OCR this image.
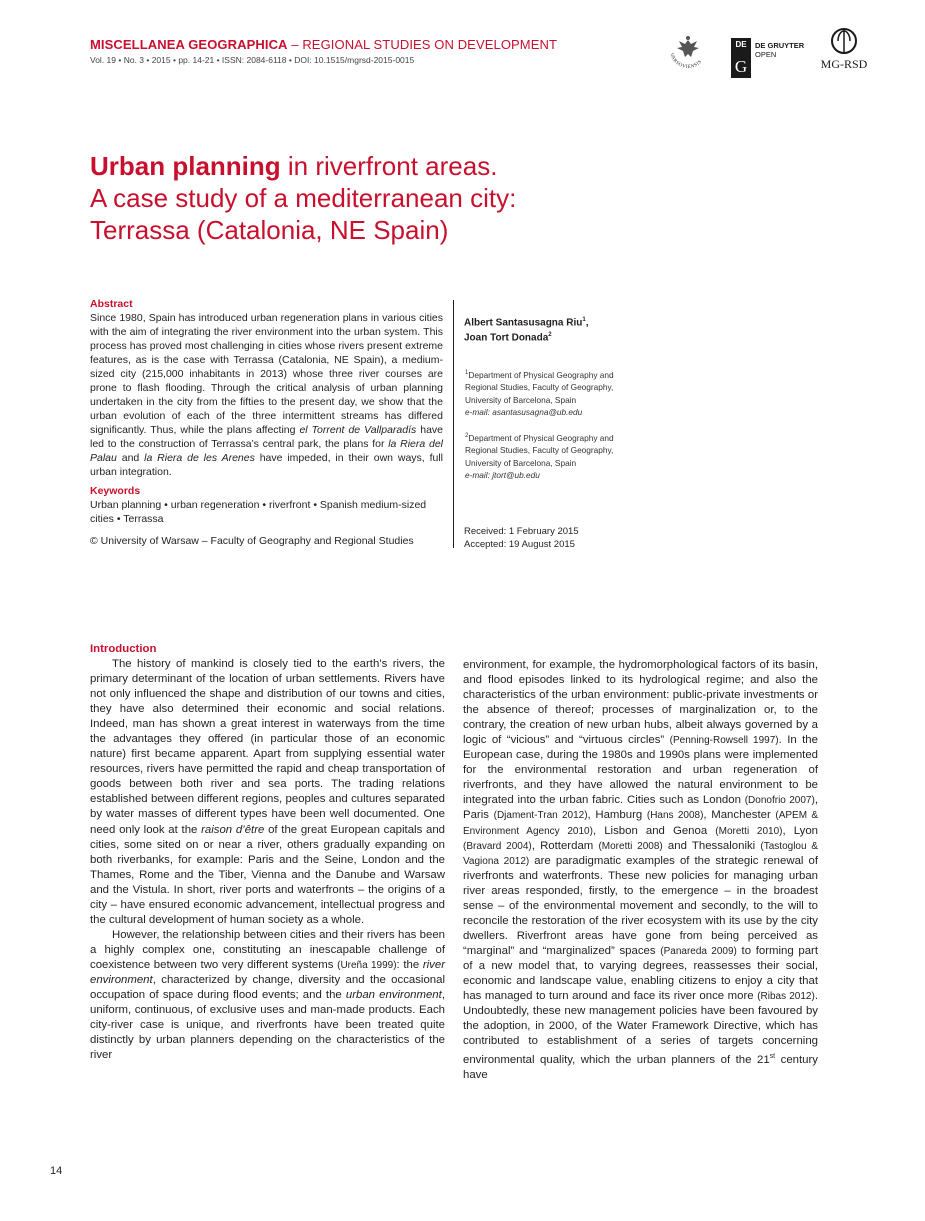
MISCELLANEA GEOGRAPHICA – REGIONAL STUDIES ON DEVELOPMENT
Vol. 19 • No. 3 • 2015 • pp. 14-21 • ISSN: 2084-6118 • DOI: 10.1515/mgrsd-2015-0015
VARSOVIENSIS
DE
G
DE GRUYTER
OPEN
MG-RSD
Urban planning in riverfront areas.
A case study of a mediterranean city:
Terrassa (Catalonia, NE Spain)
Abstract

Since 1980, Spain has introduced urban regeneration plans in various cities with the aim of integrating the river environment into the urban system. This process has proved most challenging in cities whose rivers present extreme features, as is the case with Terrassa (Catalonia, NE Spain), a medium-sized city (215,000 inhabitants in 2013) whose three river courses are prone to flash flooding. Through the critical analysis of urban planning undertaken in the city from the fifties to the present day, we show that the urban evolution of each of the three intermittent streams has differed significantly. Thus, while the plans affecting el Torrent de Vallparadís have led to the construction of Terrassa’s central park, the plans for la Riera del Palau and la Riera de les Arenes have impeded, in their own ways, full urban integration.

Keywords
Urban planning • urban regeneration • riverfront • Spanish medium-sized cities • Terrassa
© University of Warsaw – Faculty of Geography and Regional Studies
Albert Santasusagna Riu$^1$,
Joan Tort Donada$^2$
$^1$Department of Physical Geography and
Regional Studies, Faculty of Geography,
University of Barcelona, Spain
e-mail: asantasusagna@ub.edu
$^2$Department of Physical Geography and
Regional Studies, Faculty of Geography,
University of Barcelona, Spain
e-mail: jtort@ub.edu
Received: 1 February 2015
Accepted: 19 August 2015
Introduction

The history of mankind is closely tied to the earth’s rivers, the primary determinant of the location of urban settlements. Rivers have not only influenced the shape and distribution of our towns and cities, they have also determined their economic and social relations. Indeed, man has shown a great interest in waterways from the time the advantages they offered (in particular those of an economic nature) first became apparent. Apart from supplying essential water resources, rivers have permitted the rapid and cheap transportation of goods between both river and sea ports. The trading relations established between different regions, peoples and cultures separated by water masses of different types have been well documented. One need only look at the raison d’être of the great European capitals and cities, some sited on or near a river, others gradually expanding on both riverbanks, for example: Paris and the Seine, London and the Thames, Rome and the Tiber, Vienna and the Danube and Warsaw and the Vistula. In short, river ports and waterfronts – the origins of a city – have ensured economic advancement, intellectual progress and the cultural development of human society as a whole.

However, the relationship between cities and their rivers has been a highly complex one, constituting an inescapable challenge of coexistence between two very different systems (Ureña 1999): the river environment, characterized by change, diversity and the occasional occupation of space during flood events; and the urban environment, uniform, continuous, of exclusive uses and man-made products. Each city-river case is unique, and riverfronts have been treated quite distinctly by urban planners depending on the characteristics of the river

environment, for example, the hydromorphological factors of its basin, and flood episodes linked to its hydrological regime; and also the characteristics of the urban environment: public-private investments or the absence of thereof; processes of marginalization or, to the contrary, the creation of new urban hubs, albeit always governed by a logic of “vicious” and “virtuous circles” (Penning-Rowsell 1997). In the European case, during the 1980s and 1990s plans were implemented for the environmental restoration and urban regeneration of riverfronts, and they have allowed the natural environment to be integrated into the urban fabric. Cities such as London (Donofrio 2007), Paris (Djament-Tran 2012), Hamburg (Hans 2008), Manchester (APEM & Environment Agency 2010), Lisbon and Genoa (Moretti 2010), Lyon (Bravard 2004), Rotterdam (Moretti 2008) and Thessaloniki (Tastoglou & Vagiona 2012) are paradigmatic examples of the strategic renewal of riverfronts and waterfronts. These new policies for managing urban river areas responded, firstly, to the emergence – in the broadest sense – of the environmental movement and secondly, to the will to reconcile the restoration of the river ecosystem with its use by the city dwellers. Riverfront areas have gone from being perceived as “marginal” and “marginalized” spaces (Panareda 2009) to forming part of a new model that, to varying degrees, reassesses their social, economic and landscape value, enabling citizens to enjoy a city that has managed to turn around and face its river once more (Ribas 2012). Undoubtedly, these new management policies have been favoured by the adoption, in 2000, of the Water Framework Directive, which has contributed to establishment of a series of targets concerning environmental quality, which the urban planners of the 21st century have

14
